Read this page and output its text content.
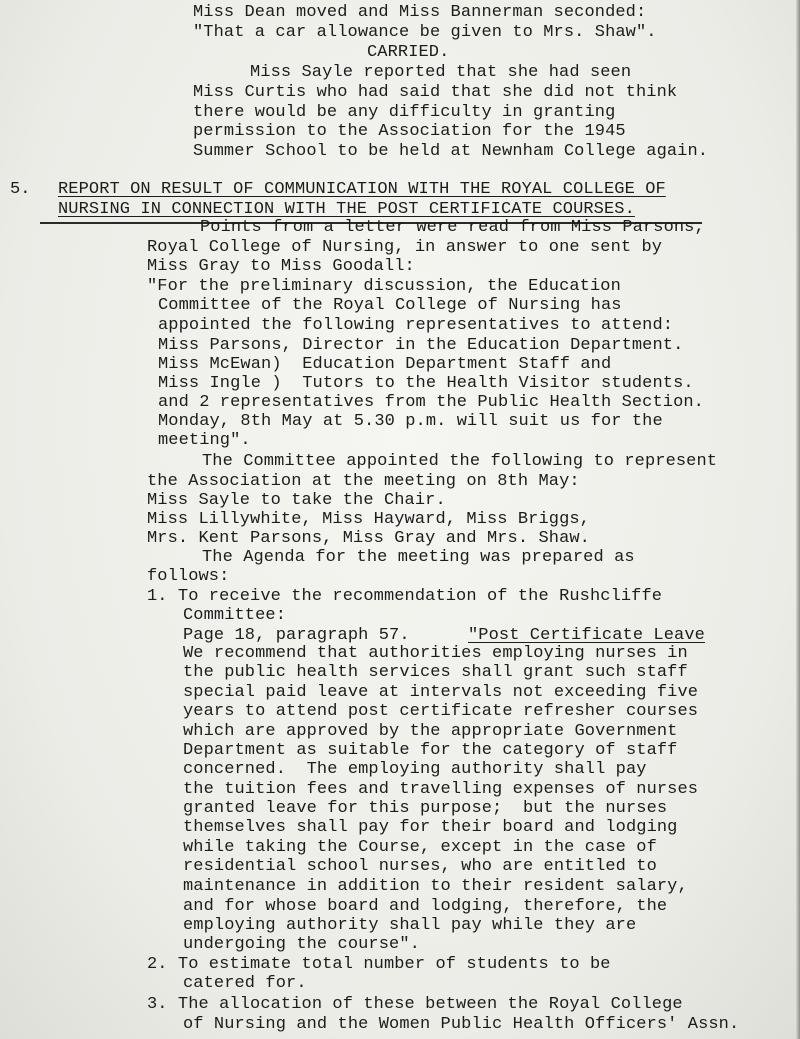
Miss Dean moved and Miss Bannerman seconded:
"That a car allowance be given to Mrs. Shaw".
CARRIED.
Miss Sayle reported that she had seen
Miss Curtis who had said that she did not think
there would be any difficulty in granting
permission to the Association for the 1945
Summer School to be held at Newnham College again.
5. REPORT ON RESULT OF COMMUNICATION WITH THE ROYAL COLLEGE OF
NURSING IN CONNECTION WITH THE POST CERTIFICATE COURSES.
Points from a letter were read from Miss Parsons,
Royal College of Nursing, in answer to one sent by
Miss Gray to Miss Goodall:
"For the preliminary discussion, the Education
Committee of the Royal College of Nursing has
appointed the following representatives to attend:
Miss Parsons, Director in the Education Department.
Miss McEwan)  Education Department Staff and
Miss Ingle )  Tutors to the Health Visitor students.
and 2 representatives from the Public Health Section.
Monday, 8th May at 5.30 p.m. will suit us for the
meeting".
The Committee appointed the following to represent
the Association at the meeting on 8th May:
Miss Sayle to take the Chair.
Miss Lillywhite, Miss Hayward, Miss Briggs,
Mrs. Kent Parsons, Miss Gray and Mrs. Shaw.
The Agenda for the meeting was prepared as
follows:
1. To receive the recommendation of the Rushcliffe
Committee:
Page 18, paragraph 57.	"Post Certificate Leave
We recommend that authorities employing nurses in
the public health services shall grant such staff
special paid leave at intervals not exceeding five
years to attend post certificate refresher courses
which are approved by the appropriate Government
Department as suitable for the category of staff
concerned.  The employing authority shall pay
the tuition fees and travelling expenses of nurses
granted leave for this purpose;  but the nurses
themselves shall pay for their board and lodging
while taking the Course, except in the case of
residential school nurses, who are entitled to
maintenance in addition to their resident salary,
and for whose board and lodging, therefore, the
employing authority shall pay while they are
undergoing the course".
2. To estimate total number of students to be
catered for.
3. The allocation of these between the Royal College
of Nursing and the Women Public Health Officers' Assn.
